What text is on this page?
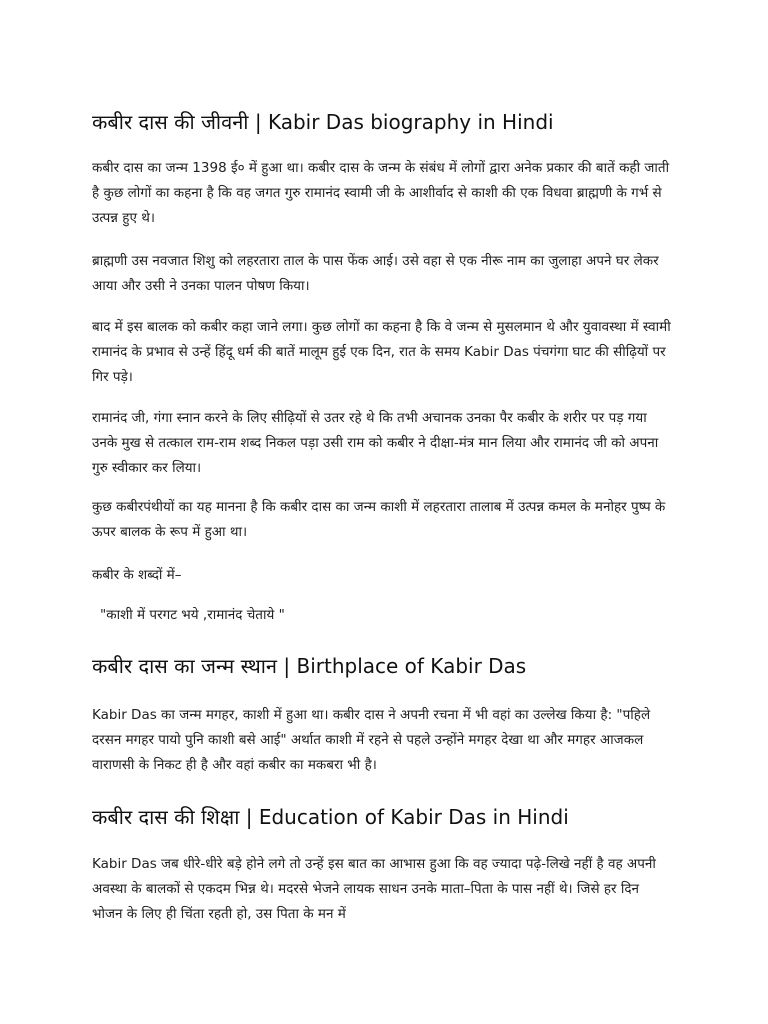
कबीर दास की जीवनी | Kabir Das biography in Hindi

कबीर दास का जन्म 1398 ई० में हुआ था। कबीर दास के जन्म के संबंध में लोगों द्वारा अनेक प्रकार की बातें कही जाती है कुछ लोगों का कहना है कि वह जगत गुरु रामानंद स्वामी जी के आशीर्वाद से काशी की एक विधवा ब्राह्मणी के गर्भ से उत्पन्न हुए थे।

ब्राह्मणी उस नवजात शिशु को लहरतारा ताल के पास फेंक आई। उसे वहा से एक नीरू नाम का जुलाहा अपने घर लेकर आया और उसी ने उनका पालन पोषण किया।

बाद में इस बालक को कबीर कहा जाने लगा। कुछ लोगों का कहना है कि वे जन्म से मुसलमान थे और युवावस्था में स्वामी रामानंद के प्रभाव से उन्हें हिंदू धर्म की बातें मालूम हुई एक दिन, रात के समय Kabir Das पंचगंगा घाट की सीढ़ियों पर गिर पड़े।

रामानंद जी, गंगा स्नान करने के लिए सीढ़ियों से उतर रहे थे कि तभी अचानक उनका पैर कबीर के शरीर पर पड़ गया उनके मुख से तत्काल राम-राम शब्द निकल पड़ा उसी राम को कबीर ने दीक्षा-मंत्र मान लिया और रामानंद जी को अपना गुरु स्वीकार कर लिया।

कुछ कबीरपंथीयों का यह मानना है कि कबीर दास का जन्म काशी में लहरतारा तालाब में उत्पन्न कमल के मनोहर पुष्प के ऊपर बालक के रूप में हुआ था।

कबीर के शब्दों में–

"काशी में परगट भये ,रामानंद चेताये "

कबीर दास का जन्म स्थान | Birthplace of Kabir Das

Kabir Das का जन्म मगहर, काशी में हुआ था। कबीर दास ने अपनी रचना में भी वहां का उल्लेख किया है: "पहिले दरसन मगहर पायो पुनि काशी बसे आई" अर्थात काशी में रहने से पहले उन्होंने मगहर देखा था और मगहर आजकल वाराणसी के निकट ही है और वहां कबीर का मकबरा भी है।

कबीर दास की शिक्षा | Education of Kabir Das in Hindi

Kabir Das जब धीरे-धीरे बड़े होने लगे तो उन्हें इस बात का आभास हुआ कि वह ज्यादा पढ़े-लिखे नहीं है वह अपनी अवस्था के बालकों से एकदम भिन्न थे। मदरसे भेजने लायक साधन उनके माता–पिता के पास नहीं थे। जिसे हर दिन भोजन के लिए ही चिंता रहती हो, उस पिता के मन में
